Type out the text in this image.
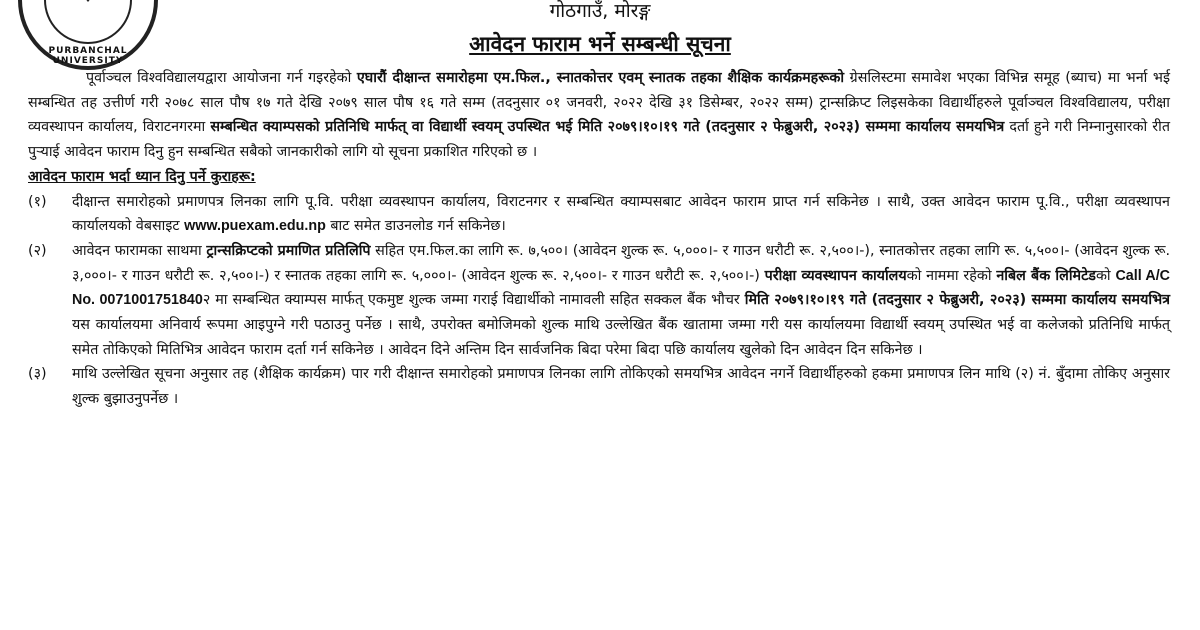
PURBANCHAL UNIVERSITY
गोठगाउँ, मोरङ्ग
आवेदन फाराम भर्ने सम्बन्धी सूचना

पूर्वाञ्चल विश्वविद्यालयद्वारा आयोजना गर्न गइरहेको एघारौं दीक्षान्त समारोहमा एम.फिल., स्नातकोत्तर एवम् स्नातक तहका शैक्षिक कार्यक्रमहरूको ग्रेसलिस्टमा समावेश भएका विभिन्न समूह (ब्याच) मा भर्ना भई सम्बन्धित तह उत्तीर्ण गरी २०७८ साल पौष १७ गते देखि २०७९ साल पौष १६ गते सम्म (तदनुसार ०१ जनवरी, २०२२ देखि ३१ डिसेम्बर, २०२२ सम्म) ट्रान्सक्रिप्ट लिइसकेका विद्यार्थीहरुले पूर्वाञ्चल विश्वविद्यालय, परीक्षा व्यवस्थापन कार्यालय, विराटनगरमा सम्बन्धित क्याम्पसको प्रतिनिधि मार्फत् वा विद्यार्थी स्वयम् उपस्थित भई मिति २०७९।१०।१९ गते (तदनुसार २ फेब्रुअरी, २०२३) सम्ममा कार्यालय समयभित्र दर्ता हुने गरी निम्नानुसारको रीत पुऱ्याई आवेदन फाराम दिनु हुन सम्बन्धित सबैको जानकारीको लागि यो सूचना प्रकाशित गरिएको छ ।

आवेदन फाराम भर्दा ध्यान दिनु पर्ने कुराहरू:

(१)	दीक्षान्त समारोहको प्रमाणपत्र लिनका लागि पू.वि. परीक्षा व्यवस्थापन कार्यालय, विराटनगर र सम्बन्धित क्याम्पसबाट आवेदन फाराम प्राप्त गर्न सकिनेछ । साथै, उक्त आवेदन फाराम पू.वि., परीक्षा व्यवस्थापन कार्यालयको वेबसाइट www.puexam.edu.np बाट समेत डाउनलोड गर्न सकिनेछ।
(२)	आवेदन फारामका साथमा ट्रान्सक्रिप्टको प्रमाणित प्रतिलिपि सहित एम.फिल.का लागि रू. ७,५००। (आवेदन शुल्क रू. ५,०००।- र गाउन धरौटी रू. २,५००।-), स्नातकोत्तर तहका लागि रू. ५,५००।- (आवेदन शुल्क रू. ३,०००।- र गाउन धरौटी रू. २,५००।-) र स्नातक तहका लागि रू. ५,०००।- (आवेदन शुल्क रू. २,५००।- र गाउन धरौटी रू. २,५००।-) परीक्षा व्यवस्थापन कार्यालयको नाममा रहेको नबिल बैंक लिमिटेडको Call A/C No. 0071001751840२ मा सम्बन्धित क्याम्पस मार्फत् एकमुष्ट शुल्क जम्मा गराई विद्यार्थीको नामावली सहित सक्कल बैंक भौचर मिति २०७९।१०।१९ गते (तदनुसार २ फेब्रुअरी, २०२३) सम्ममा कार्यालय समयभित्र यस कार्यालयमा अनिवार्य रूपमा आइपुग्ने गरी पठाउनु पर्नेछ । साथै, उपरोक्त बमोजिमको शुल्क माथि उल्लेखित बैंक खातामा जम्मा गरी यस कार्यालयमा विद्यार्थी स्वयम् उपस्थित भई वा कलेजको प्रतिनिधि मार्फत् समेत तोकिएको मितिभित्र आवेदन फाराम दर्ता गर्न सकिनेछ । आवेदन दिने अन्तिम दिन सार्वजनिक बिदा परेमा बिदा पछि कार्यालय खुलेको दिन आवेदन दिन सकिनेछ ।
(३)	माथि उल्लेखित सूचना अनुसार तह (शैक्षिक कार्यक्रम) पार गरी दीक्षान्त समारोहको प्रमाणपत्र लिनका लागि तोकिएको समयभित्र आवेदन नगर्ने विद्यार्थीहरुको हकमा प्रमाणपत्र लिन माथि (२) नं. बुँदामा तोकिए अनुसार शुल्क बुझाउनुपर्नेछ ।
